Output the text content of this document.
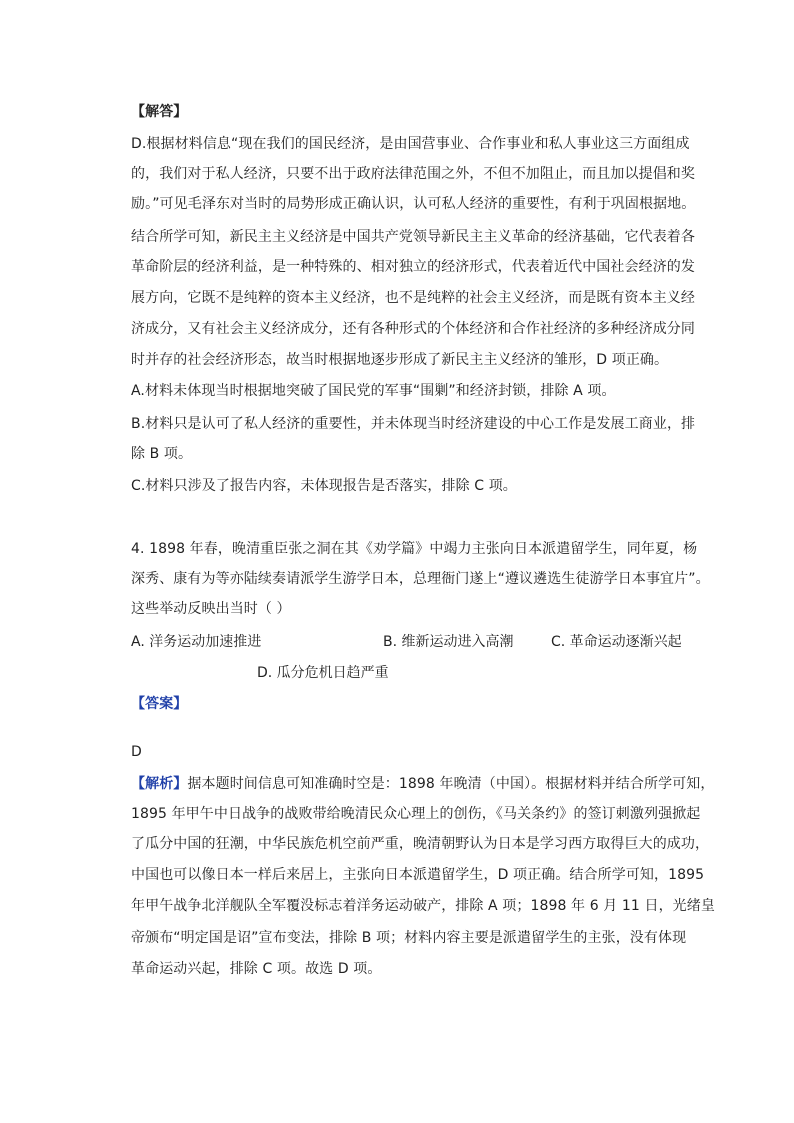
【解答】
D.根据材料信息“现在我们的国民经济，是由国营事业、合作事业和私人事业这三方面组成
的，我们对于私人经济，只要不出于政府法律范围之外，不但不加阻止，而且加以提倡和奖
励。”可见毛泽东对当时的局势形成正确认识，认可私人经济的重要性，有利于巩固根据地。
结合所学可知，新民主主义经济是中国共产党领导新民主主义革命的经济基础，它代表着各
革命阶层的经济利益，是一种特殊的、相对独立的经济形式，代表着近代中国社会经济的发
展方向，它既不是纯粹的资本主义经济，也不是纯粹的社会主义经济，而是既有资本主义经
济成分，又有社会主义经济成分，还有各种形式的个体经济和合作社经济的多种经济成分同
时并存的社会经济形态，故当时根据地逐步形成了新民主主义经济的雏形，D 项正确。
A.材料未体现当时根据地突破了国民党的军事“围剿”和经济封锁，排除 A 项。
B.材料只是认可了私人经济的重要性，并未体现当时经济建设的中心工作是发展工商业，排
除 B 项。
C.材料只涉及了报告内容，未体现报告是否落实，排除 C 项。
4. 1898 年春，晚清重臣张之洞在其《劝学篇》中竭力主张向日本派遣留学生，同年夏，杨
深秀、康有为等亦陆续奏请派学生游学日本，总理衙门遂上“遵议遴选生徒游学日本事宜片”。
这些举动反映出当时（ ）
A. 洋务运动加速推进	B. 维新运动进入高潮	C. 革命运动逐渐兴起
D. 瓜分危机日趋严重
【答案】
D
【解析】据本题时间信息可知准确时空是：1898 年晚清（中国）。根据材料并结合所学可知，
1895 年甲午中日战争的战败带给晚清民众心理上的创伤，《马关条约》的签订刺激列强掀起
了瓜分中国的狂潮，中华民族危机空前严重，晚清朝野认为日本是学习西方取得巨大的成功，
中国也可以像日本一样后来居上，主张向日本派遣留学生，D 项正确。结合所学可知，1895
年甲午战争北洋舰队全军覆没标志着洋务运动破产，排除 A 项；1898 年 6 月 11 日，光绪皇
帝颁布“明定国是诏”宣布变法，排除 B 项；材料内容主要是派遣留学生的主张，没有体现
革命运动兴起，排除 C 项。故选 D 项。
